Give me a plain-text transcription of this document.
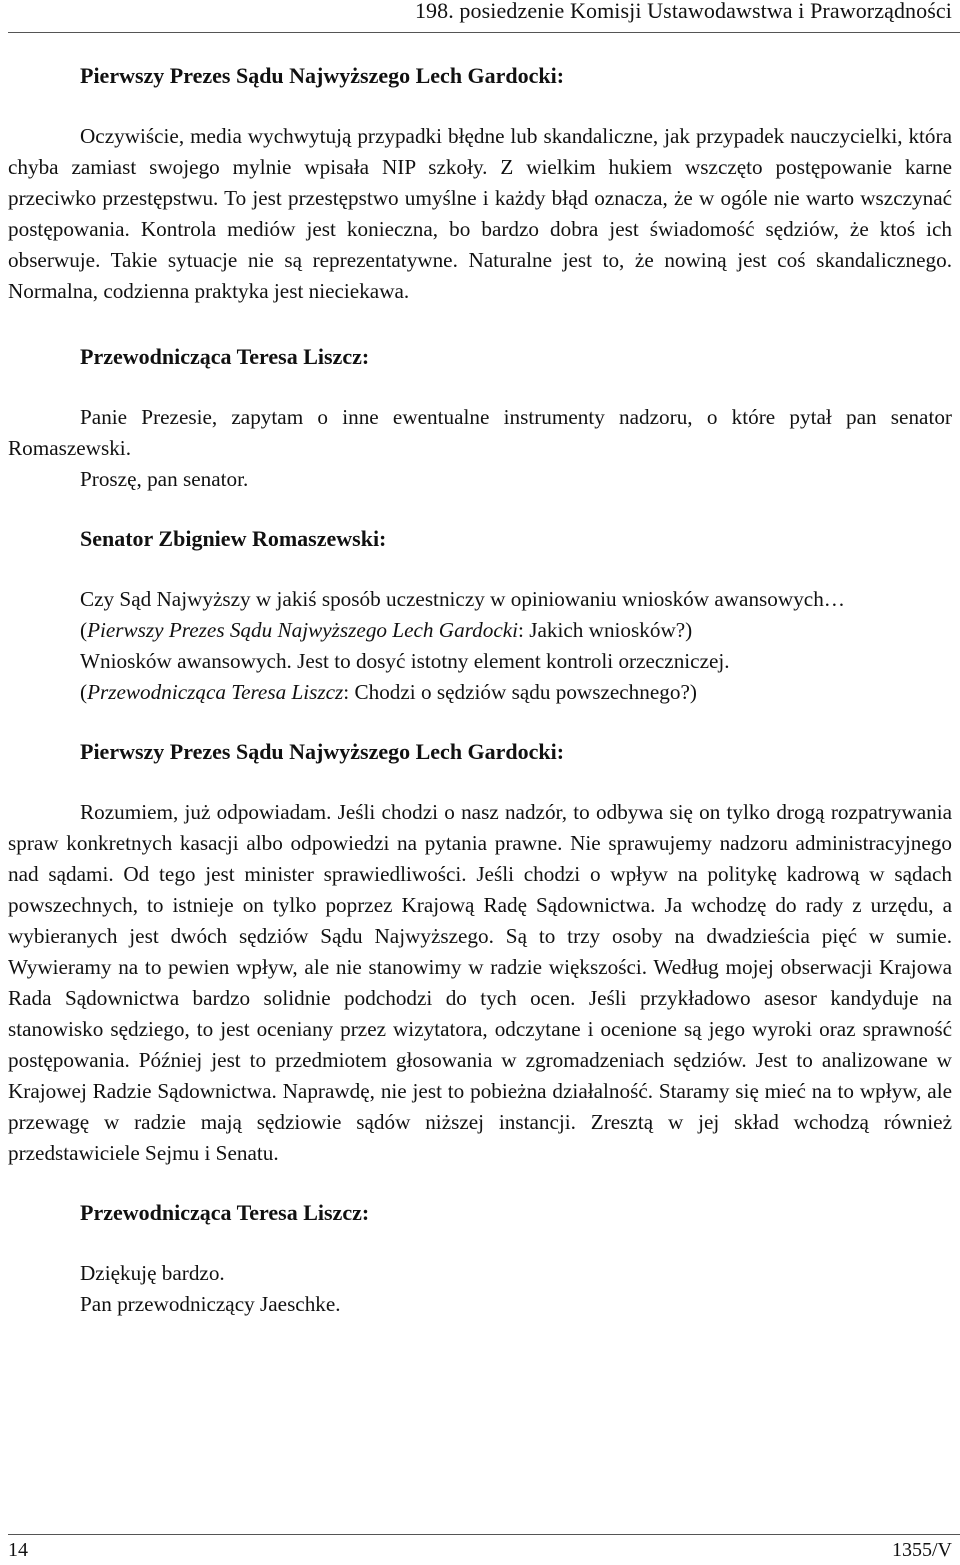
198. posiedzenie Komisji Ustawodawstwa i Praworządności
Pierwszy Prezes Sądu Najwyższego Lech Gardocki:

Oczywiście, media wychwytują przypadki błędne lub skandaliczne, jak przypadek nauczycielki, która chyba zamiast swojego mylnie wpisała NIP szkoły. Z wielkim hukiem wszczęto postępowanie karne przeciwko przestępstwu. To jest przestępstwo umyślne i każdy błąd oznacza, że w ogóle nie warto wszczynać postępowania. Kontrola mediów jest konieczna, bo bardzo dobra jest świadomość sędziów, że ktoś ich obserwuje. Takie sytuacje nie są reprezentatywne. Naturalne jest to, że nowiną jest coś skandalicznego. Normalna, codzienna praktyka jest nieciekawa.

Przewodnicząca Teresa Liszcz:

Panie Prezesie, zapytam o inne ewentualne instrumenty nadzoru, o które pytał pan senator Romaszewski.

Proszę, pan senator.

Senator Zbigniew Romaszewski:

Czy Sąd Najwyższy w jakiś sposób uczestniczy w opiniowaniu wniosków awansowych…

(Pierwszy Prezes Sądu Najwyższego Lech Gardocki: Jakich wniosków?)

Wniosków awansowych. Jest to dosyć istotny element kontroli orzeczniczej.

(Przewodnicząca Teresa Liszcz: Chodzi o sędziów sądu powszechnego?)

Pierwszy Prezes Sądu Najwyższego Lech Gardocki:

Rozumiem, już odpowiadam. Jeśli chodzi o nasz nadzór, to odbywa się on tylko drogą rozpatrywania spraw konkretnych kasacji albo odpowiedzi na pytania prawne. Nie sprawujemy nadzoru administracyjnego nad sądami. Od tego jest minister sprawiedliwości. Jeśli chodzi o wpływ na politykę kadrową w sądach powszechnych, to istnieje on tylko poprzez Krajową Radę Sądownictwa. Ja wchodzę do rady z urzędu, a wybieranych jest dwóch sędziów Sądu Najwyższego. Są to trzy osoby na dwadzieścia pięć w sumie. Wywieramy na to pewien wpływ, ale nie stanowimy w radzie większości. Według mojej obserwacji Krajowa Rada Sądownictwa bardzo solidnie podchodzi do tych ocen. Jeśli przykładowo asesor kandyduje na stanowisko sędziego, to jest oceniany przez wizytatora, odczytane i ocenione są jego wyroki oraz sprawność postępowania. Później jest to przedmiotem głosowania w zgromadzeniach sędziów. Jest to analizowane w Krajowej Radzie Sądownictwa. Naprawdę, nie jest to pobieżna działalność. Staramy się mieć na to wpływ, ale przewagę w radzie mają sędziowie sądów niższej instancji. Zresztą w jej skład wchodzą również przedstawiciele Sejmu i Senatu.

Przewodnicząca Teresa Liszcz:

Dziękuję bardzo.

Pan przewodniczący Jaeschke.

14	1355/V
